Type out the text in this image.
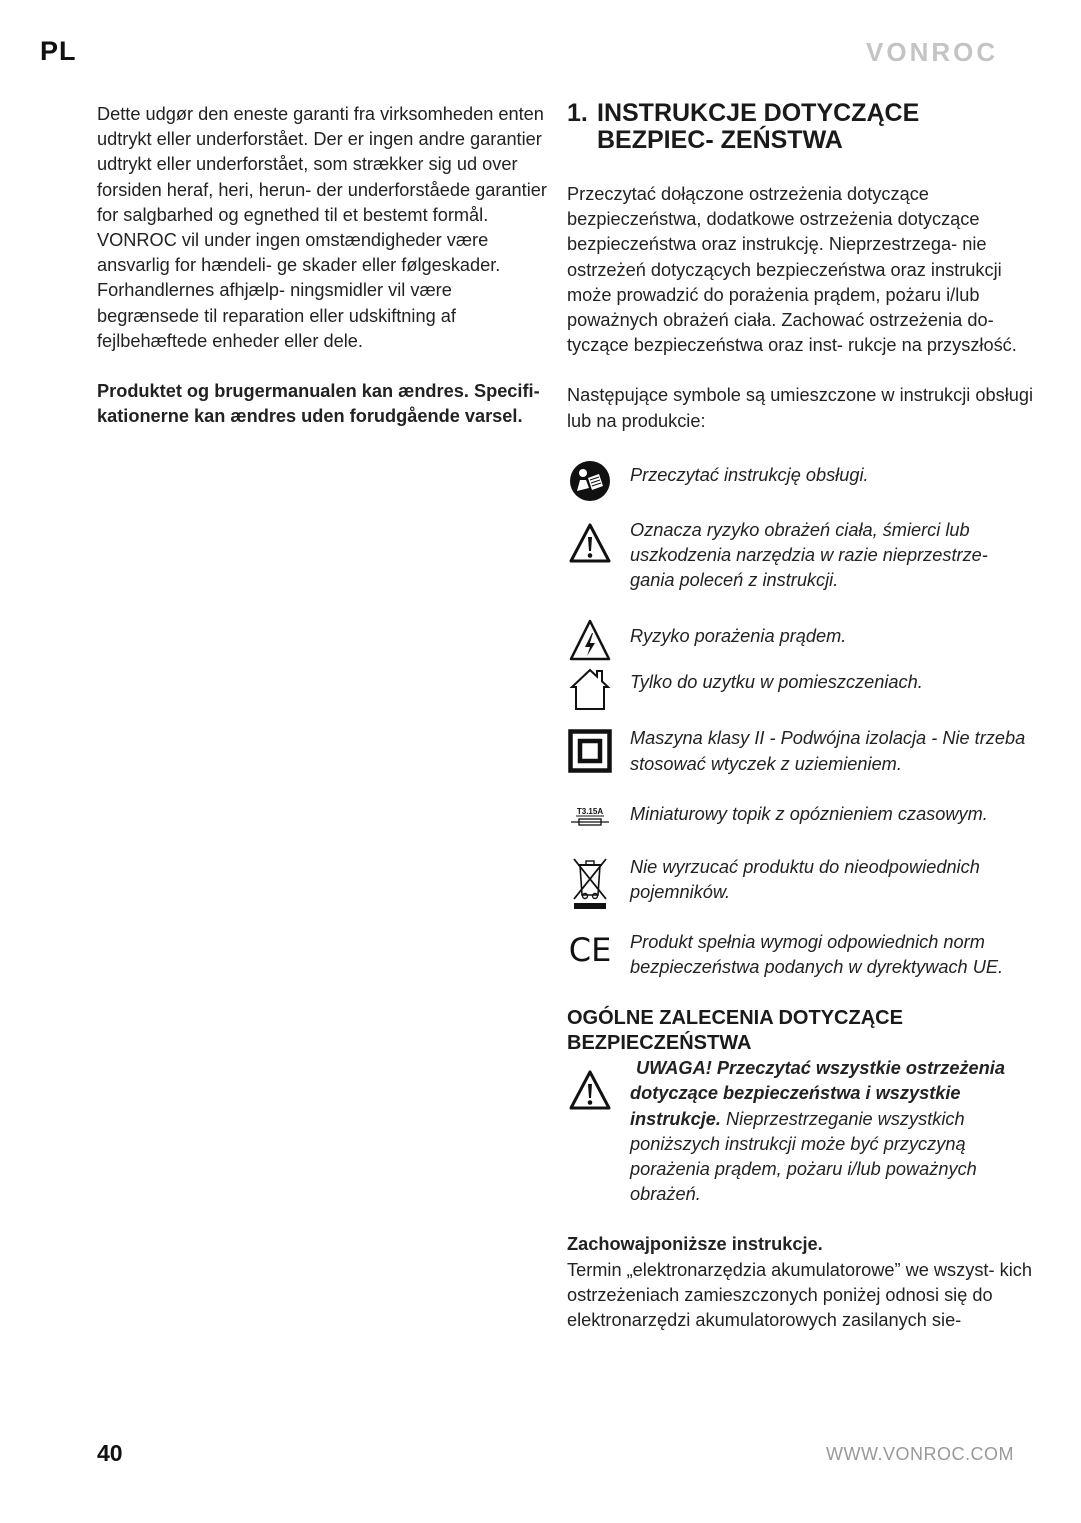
PL	VONROC

Dette udgør den eneste garanti fra virksomheden enten udtrykt eller underforstået. Der er ingen andre garantier udtrykt eller underforstået, som strækker sig ud over forsiden heraf, heri, herun- der underforståede garantier for salgbarhed og egnethed til et bestemt formål. VONROC vil under ingen omstændigheder være ansvarlig for hændeli- ge skader eller følgeskader. Forhandlernes afhjælp- ningsmidler vil være begrænsede til reparation eller udskiftning af fejlbehæftede enheder eller dele.

Produktet og brugermanualen kan ændres. Specifi- kationerne kan ændres uden forudgående varsel.

1. INSTRUKCJE DOTYCZĄCE BEZPIEC- ZEŃSTWA

Przeczytać dołączone ostrzeżenia dotyczące bezpieczeństwa, dodatkowe ostrzeżenia dotyczące bezpieczeństwa oraz instrukcję. Nieprzestrzega- nie ostrzeżeń dotyczących bezpieczeństwa oraz instrukcji może prowadzić do porażenia prądem, pożaru i/lub poważnych obrażeń ciała. Zachować ostrzeżenia do- tyczące bezpieczeństwa oraz inst- rukcje na przyszłość.

Następujące symbole są umieszczone w instrukcji obsługi lub na produkcie:

Przeczytać instrukcję obsługi.
Oznacza ryzyko obrażeń ciała, śmierci lub uszkodzenia narzędzia w razie nieprzestrze- gania poleceń z instrukcji.
Ryzyko porażenia prądem.
Tylko do uzytku w pomieszczeniach.
Maszyna klasy II - Podwójna izolacja - Nie trzeba stosować wtyczek z uziemieniem.
T3.15A Miniaturowy topik z opóznieniem czasowym.
Nie wyrzucać produktu do nieodpowiednich pojemników.
CE Produkt spełnia wymogi odpowiednich norm bezpieczeństwa podanych w dyrektywach UE.
OGÓLNE ZALECENIA DOTYCZĄCE BEZPIECZEŃSTWA
UWAGA! Przeczytać wszystkie ostrzeżenia dotyczące bezpieczeństwa i wszystkie instrukcje. Nieprzestrzeganie wszystkich poniższych instrukcji może być przyczyną porażenia prądem, pożaru i/lub poważnych obrażeń.

Zachowajponiższe instrukcje.

Termin „elektronarzędzia akumulatorowe” we wszyst- kich ostrzeżeniach zamieszczonych poniżej odnosi się do elektronarzędzi akumulatorowych zasilanych sie-

40	WWW.VONROC.COM
